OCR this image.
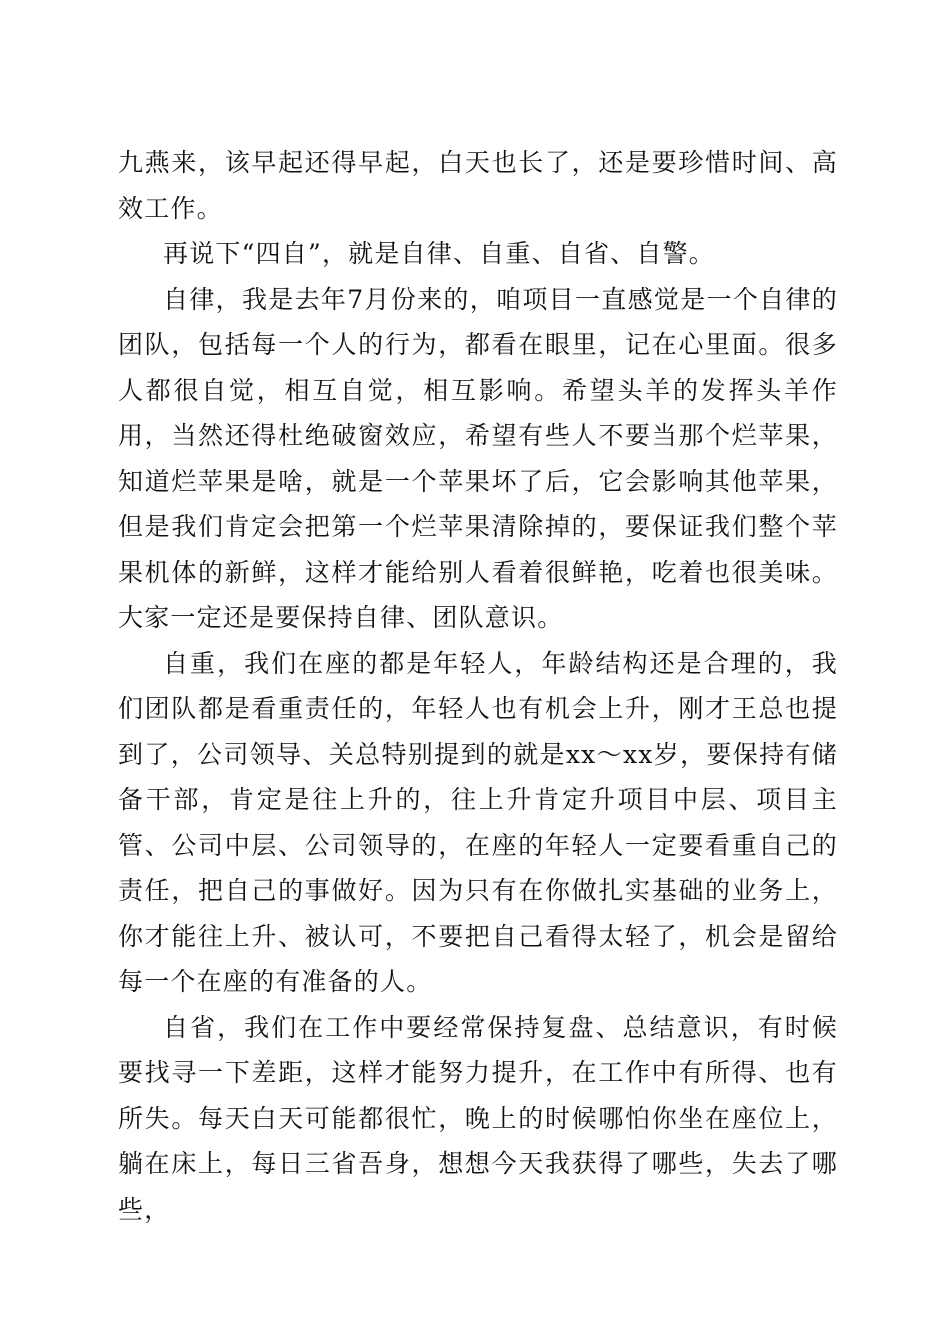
九燕来，该早起还得早起，白天也长了，还是要珍惜时间、高效工作。

再说下“四自”，就是自律、自重、自省、自警。

自律，我是去年7月份来的，咱项目一直感觉是一个自律的团队，包括每一个人的行为，都看在眼里，记在心里面。很多人都很自觉，相互自觉，相互影响。希望头羊的发挥头羊作用，当然还得杜绝破窗效应，希望有些人不要当那个烂苹果，知道烂苹果是啥，就是一个苹果坏了后，它会影响其他苹果，但是我们肯定会把第一个烂苹果清除掉的，要保证我们整个苹果机体的新鲜，这样才能给别人看着很鲜艳，吃着也很美味。大家一定还是要保持自律、团队意识。

自重，我们在座的都是年轻人，年龄结构还是合理的，我们团队都是看重责任的，年轻人也有机会上升，刚才王总也提到了，公司领导、关总特别提到的就是xx～xx岁，要保持有储备干部，肯定是往上升的，往上升肯定升项目中层、项目主管、公司中层、公司领导的，在座的年轻人一定要看重自己的责任，把自己的事做好。因为只有在你做扎实基础的业务上，你才能往上升、被认可，不要把自己看得太轻了，机会是留给每一个在座的有准备的人。

自省，我们在工作中要经常保持复盘、总结意识，有时候要找寻一下差距，这样才能努力提升，在工作中有所得、也有所失。每天白天可能都很忙，晚上的时候哪怕你坐在座位上，躺在床上，每日三省吾身，想想今天我获得了哪些，失去了哪些，
